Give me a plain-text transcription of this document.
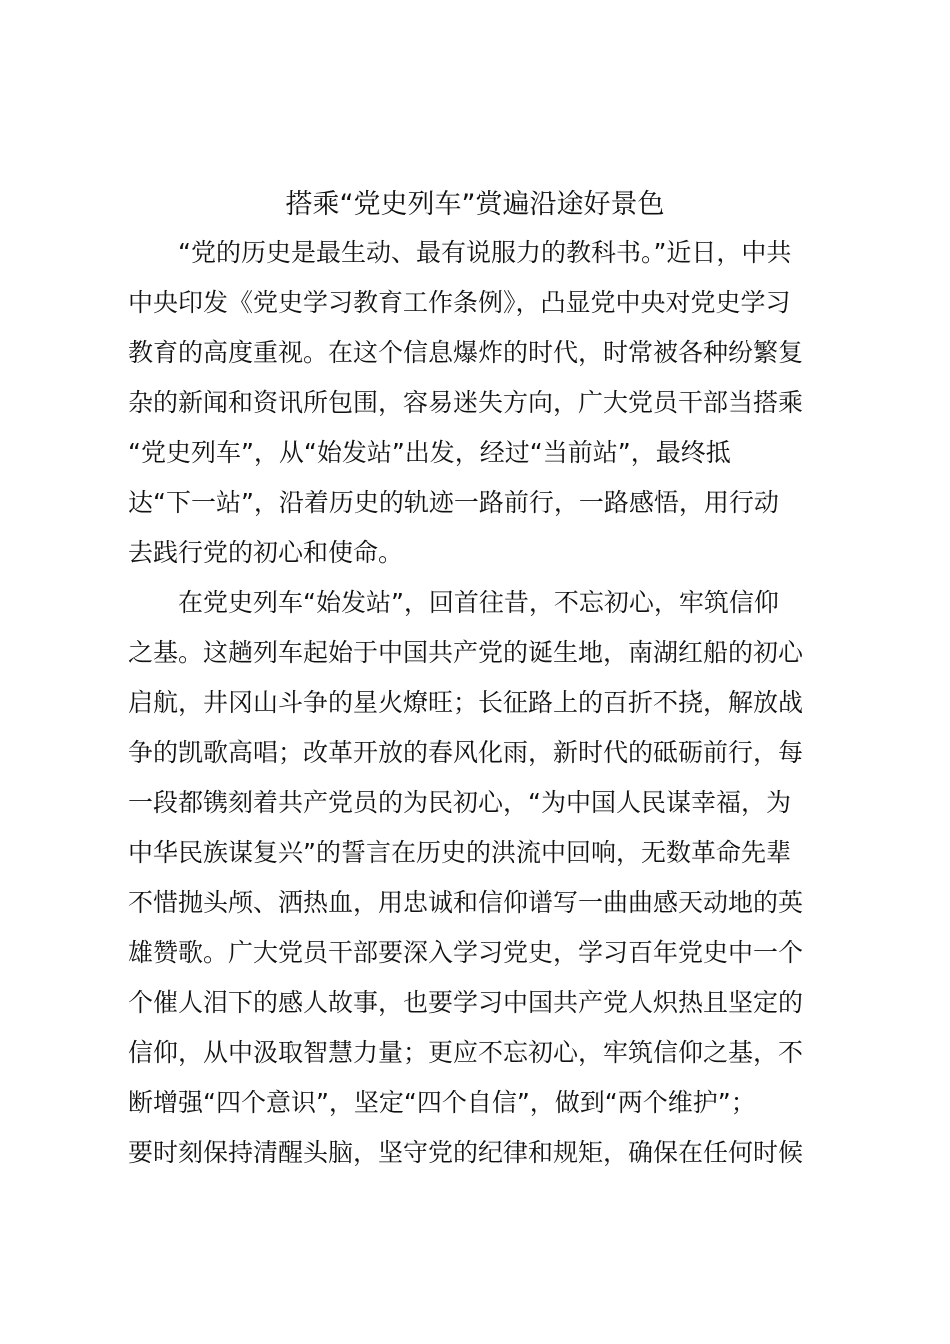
搭乘“党史列车”赏遍沿途好景色
“党的历史是最生动、最有说服力的教科书。”近日，中共
中央印发《党史学习教育工作条例》，凸显党中央对党史学习
教育的高度重视。在这个信息爆炸的时代，时常被各种纷繁复
杂的新闻和资讯所包围，容易迷失方向，广大党员干部当搭乘
“党史列车”，从“始发站”出发，经过“当前站”，最终抵
达“下一站”，沿着历史的轨迹一路前行，一路感悟，用行动
去践行党的初心和使命。
在党史列车“始发站”，回首往昔，不忘初心，牢筑信仰
之基。这趟列车起始于中国共产党的诞生地，南湖红船的初心
启航，井冈山斗争的星火燎旺；长征路上的百折不挠，解放战
争的凯歌高唱；改革开放的春风化雨，新时代的砥砺前行，每
一段都镌刻着共产党员的为民初心，“为中国人民谋幸福，为
中华民族谋复兴”的誓言在历史的洪流中回响，无数革命先辈
不惜抛头颅、洒热血，用忠诚和信仰谱写一曲曲感天动地的英
雄赞歌。广大党员干部要深入学习党史，学习百年党史中一个
个催人泪下的感人故事，也要学习中国共产党人炽热且坚定的
信仰，从中汲取智慧力量；更应不忘初心，牢筑信仰之基，不
断增强“四个意识”，坚定“四个自信”，做到“两个维护”；
要时刻保持清醒头脑，坚守党的纪律和规矩，确保在任何时候
